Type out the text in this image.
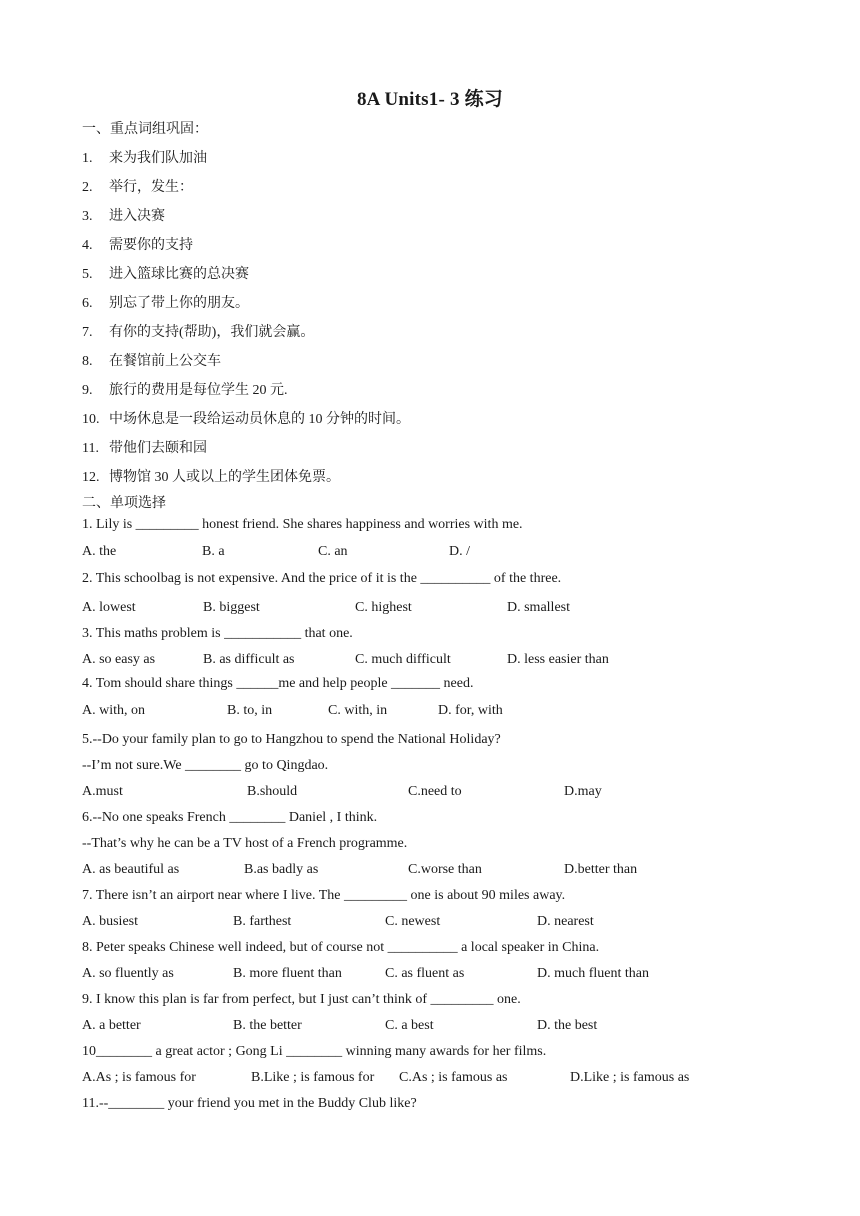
8A Units1- 3 练习
一、重点词组巩固：
1. 来为我们队加油
2. 举行，发生：
3. 进入决赛
4. 需要你的支持
5. 进入篮球比赛的总决赛
6. 别忘了带上你的朋友。
7. 有你的支持(帮助)，我们就会赢。
8. 在餐馆前上公交车
9. 旅行的费用是每位学生 20 元.
10. 中场休息是一段给运动员休息的 10 分钟的时间。
11. 带他们去颐和园
12. 博物馆 30 人或以上的学生团体免票。
二、单项选择
1. Lily is _________ honest friend. She shares happiness and worries with me.
A. the	B. a	C. an	D. /
2. This schoolbag is not expensive. And the price of it is the __________ of the three.
A. lowest	B. biggest	C. highest	D. smallest
3. This maths problem is ___________ that one.
A. so easy as	B. as difficult as	C. much difficult	D. less easier than
4. Tom should share things ______me and help people _______ need.
A. with, on	B. to, in	C. with, in	D. for, with
5.--Do your family plan to go to Hangzhou to spend the National Holiday?
--I’m not sure.We ________ go to Qingdao.
A.must	B.should	C.need to	D.may
6.--No one speaks French ________ Daniel , I think.
--That’s why he can be a TV host of a French programme.
A. as beautiful as	B.as badly as	C.worse than	D.better than
7. There isn’t an airport near where I live. The _________ one is about 90 miles away.
A. busiest	B. farthest	C. newest	D. nearest
8. Peter speaks Chinese well indeed, but of course not __________ a local speaker in China.
A. so fluently as	B. more fluent than	C. as fluent as	D. much fluent than
9. I know this plan is far from perfect, but I just can’t think of _________ one.
A. a better	B. the better	C. a best	D. the best
10________ a great actor ; Gong Li ________ winning many awards for her films.
A.As ; is famous for	B.Like ; is famous for C.As ; is famous as	D.Like ; is famous as
11.--________ your friend you met in the Buddy Club like?
